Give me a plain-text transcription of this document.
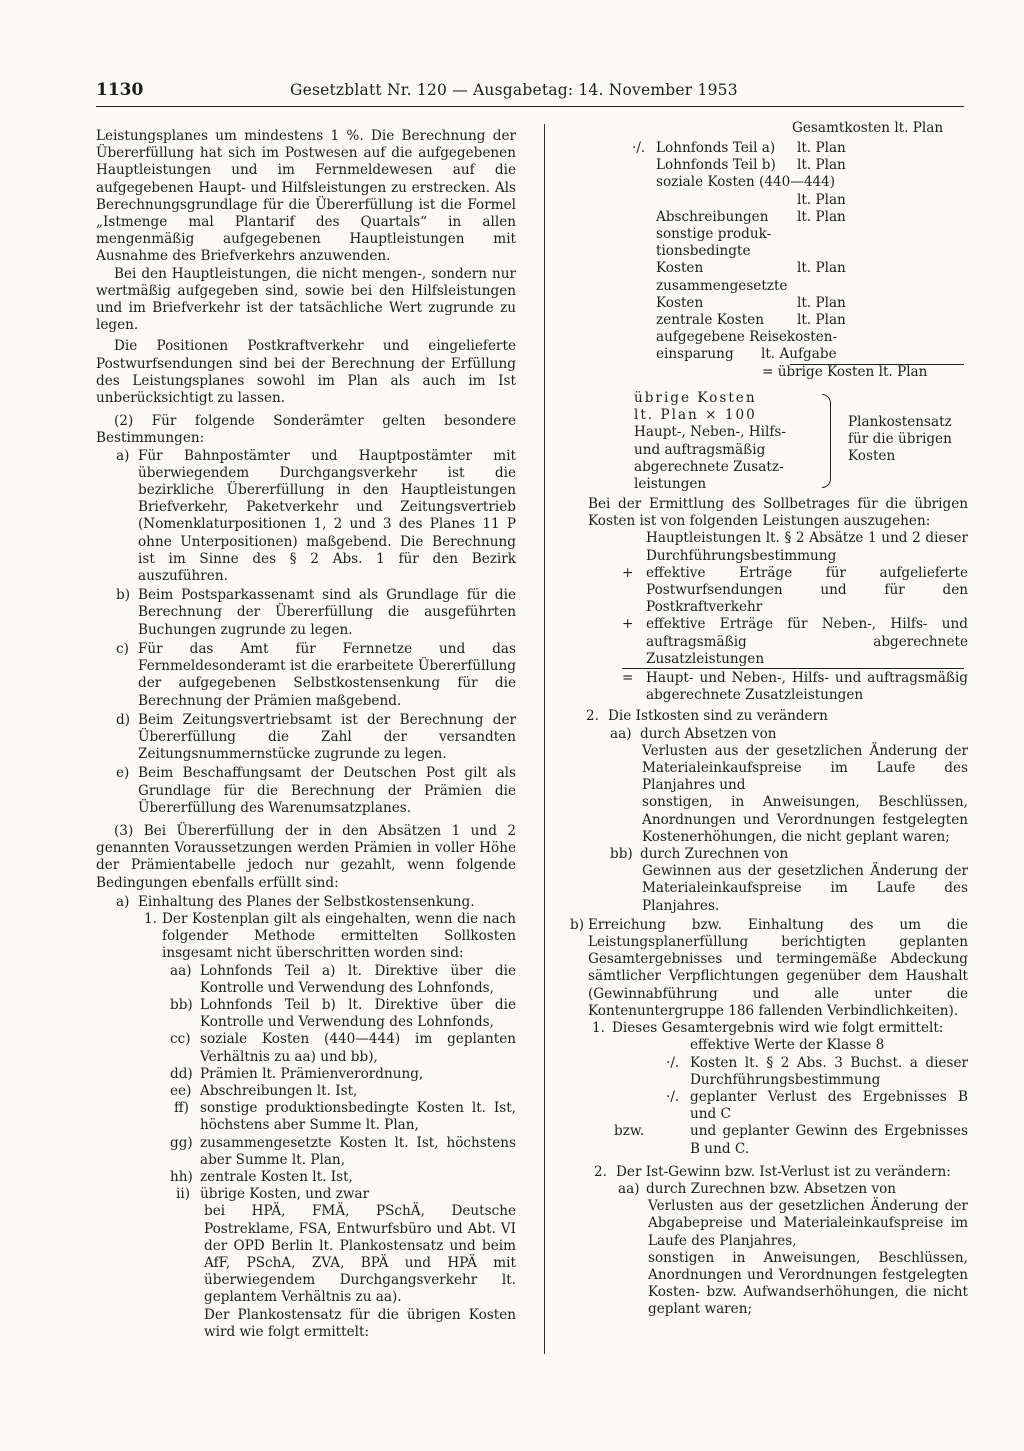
1130	Gesetzblatt Nr. 120 — Ausgabetag: 14. November 1953

Leistungsplanes um mindestens 1 %. Die Berechnung der Übererfüllung hat sich im Postwesen auf die aufgegebenen Hauptleistungen und im Fernmeldewesen auf die aufgegebenen Haupt- und Hilfsleistungen zu erstrecken. Als Berechnungsgrundlage für die Übererfüllung ist die Formel „Istmenge mal Plantarif des Quartals“ in allen mengenmäßig aufgegebenen Hauptleistungen mit Ausnahme des Briefverkehrs anzuwenden.

Bei den Hauptleistungen, die nicht mengen-, sondern nur wertmäßig aufgegeben sind, sowie bei den Hilfsleistungen und im Briefverkehr ist der tatsächliche Wert zugrunde zu legen.

Die Positionen Postkraftverkehr und eingelieferte Postwurfsendungen sind bei der Berechnung der Erfüllung des Leistungsplanes sowohl im Plan als auch im Ist unberücksichtigt zu lassen.

(2) Für folgende Sonderämter gelten besondere Bestimmungen:

a) Für Bahnpostämter und Hauptpostämter mit überwiegendem Durchgangsverkehr ist die bezirkliche Übererfüllung in den Hauptleistungen Briefverkehr, Paketverkehr und Zeitungsvertrieb (Nomenklaturpositionen 1, 2 und 3 des Planes 11 P ohne Unterpositionen) maßgebend. Die Berechnung ist im Sinne des § 2 Abs. 1 für den Bezirk auszuführen.

b) Beim Postsparkassenamt sind als Grundlage für die Berechnung der Übererfüllung die ausgeführten Buchungen zugrunde zu legen.

c) Für das Amt für Fernnetze und das Fernmeldesonderamt ist die erarbeitete Übererfüllung der aufgegebenen Selbstkostensenkung für die Berechnung der Prämien maßgebend.

d) Beim Zeitungsvertriebsamt ist der Berechnung der Übererfüllung die Zahl der versandten Zeitungsnummernstücke zugrunde zu legen.

e) Beim Beschaffungsamt der Deutschen Post gilt als Grundlage für die Berechnung der Prämien die Übererfüllung des Warenumsatzplanes.

(3) Bei Übererfüllung der in den Absätzen 1 und 2 genannten Voraussetzungen werden Prämien in voller Höhe der Prämientabelle jedoch nur gezahlt, wenn folgende Bedingungen ebenfalls erfüllt sind:

a) Einhaltung des Planes der Selbstkostensenkung.

1. Der Kostenplan gilt als eingehalten, wenn die nach folgender Methode ermittelten Sollkosten insgesamt nicht überschritten worden sind:

aa) Lohnfonds Teil a) lt. Direktive über die Kontrolle und Verwendung des Lohnfonds,

bb) Lohnfonds Teil b) lt. Direktive über die Kontrolle und Verwendung des Lohnfonds,

cc) soziale Kosten (440—444) im geplanten Verhältnis zu aa) und bb),

dd) Prämien lt. Prämienverordnung,

ee) Abschreibungen lt. Ist,

ff) sonstige produktionsbedingte Kosten lt. Ist, höchstens aber Summe lt. Plan,

gg) zusammengesetzte Kosten lt. Ist, höchstens aber Summe lt. Plan,

hh) zentrale Kosten lt. Ist,

ii) übrige Kosten, und zwar

bei HPÄ, FMÄ, PSchÄ, Deutsche Postreklame, FSA, Entwurfsbüro und Abt. VI der OPD Berlin lt. Plankostensatz und beim AfF, PSchA, ZVA, BPÄ und HPÄ mit überwiegendem Durchgangsverkehr lt. geplantem Verhältnis zu aa).

Der Plankostensatz für die übrigen Kosten wird wie folgt ermittelt:

Gesamtkosten lt. Plan
·/. Lohnfonds Teil a) lt. Plan
Lohnfonds Teil b) lt. Plan
soziale Kosten (440—444)
lt. Plan
Abschreibungen lt. Plan
sonstige produk-
tionsbedingte
Kosten	lt. Plan
zusammengesetzte
Kosten	lt. Plan
zentrale Kosten lt. Plan
aufgegebene Reisekosten-
einsparung lt. Aufgabe
= übrige Kosten lt. Plan
übrige Kosten
lt. Plan × 100
Haupt-, Neben-, Hilfs-
und auftragsmäßig
abgerechnete Zusatz-
leistungen
Plankostensatz für die übrigen Kosten

Bei der Ermittlung des Sollbetrages für die übrigen Kosten ist von folgenden Leistungen auszugehen:

Hauptleistungen lt. § 2 Absätze 1 und 2 dieser Durchführungsbestimmung

+ effektive Erträge für aufgelieferte Postwurfsendungen und für den Postkraftverkehr

+ effektive Erträge für Neben-, Hilfs- und auftragsmäßig abgerechnete Zusatzleistungen

= Haupt- und Neben-, Hilfs- und auftragsmäßig abgerechnete Zusatzleistungen

2. Die Istkosten sind zu verändern

aa) durch Absetzen von

Verlusten aus der gesetzlichen Änderung der Materialeinkaufspreise im Laufe des Planjahres und

sonstigen, in Anweisungen, Beschlüssen, Anordnungen und Verordnungen festgelegten Kostenerhöhungen, die nicht geplant waren;

bb) durch Zurechnen von

Gewinnen aus der gesetzlichen Änderung der Materialeinkaufspreise im Laufe des Planjahres.

b) Erreichung bzw. Einhaltung des um die Leistungsplanerfüllung berichtigten geplanten Gesamtergebnisses und termingemäße Abdeckung sämtlicher Verpflichtungen gegenüber dem Haushalt (Gewinnabführung und alle unter die Kontenuntergruppe 186 fallenden Verbindlichkeiten).

1. Dieses Gesamtergebnis wird wie folgt ermittelt:

effektive Werte der Klasse 8

·/. Kosten lt. § 2 Abs. 3 Buchst. a dieser Durchführungsbestimmung

·/. geplanter Verlust des Ergebnisses B und C

bzw.	und geplanter Gewinn des Ergebnisses B und C.

2. Der Ist-Gewinn bzw. Ist-Verlust ist zu verändern:

aa) durch Zurechnen bzw. Absetzen von

Verlusten aus der gesetzlichen Änderung der Abgabepreise und Materialeinkaufspreise im Laufe des Planjahres,

sonstigen in Anweisungen, Beschlüssen, Anordnungen und Verordnungen festgelegten Kosten- bzw. Aufwandserhöhungen, die nicht geplant waren;
